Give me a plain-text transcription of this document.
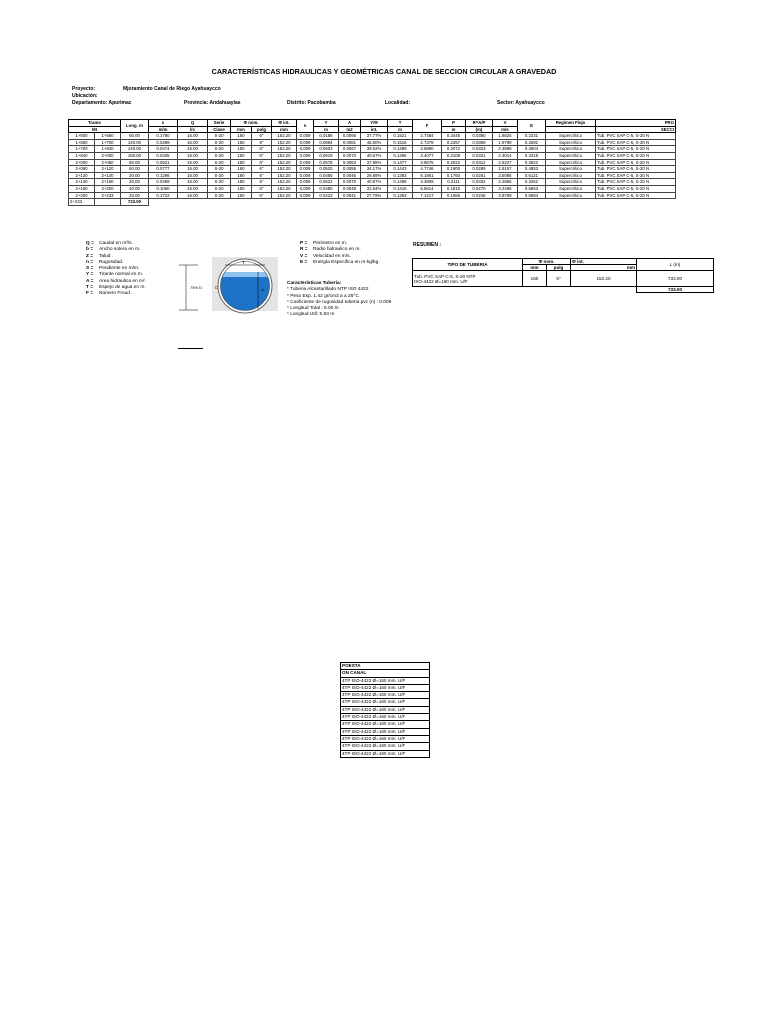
CARACTERÍSTICAS HIDRAULICAS Y GEOMÉTRICAS CANAL DE SECCION CIRCULAR A GRAVEDAD
Proyecto:	Mjoramiento Canal de Riego Ayahuaycco
Ubicación:
Departamento: Apurimac	Provincia: Andahuaylas	Distrito: Pacobamba	Localidad:	Sector: Ayahuaycco
Tramo		Long. m	s	Q	Serie	Φ nom.		Φ int.	n	Y	A	Y/Φ	T	F	P	R=A/P	V	E	Regimen Flujo	PRO
MI			m/m	l/s	Clase	mm	pulg	mm		m	m2	int.	m		m	(m)	m/s			SECCI
1+500	1+560	60.00	0.1780	16.00	S-20	160	6"	152.20	0.009	0.0188	0.0066	37.77%	0.1521	2.7484	0.3445	0.0380	1.8825	0.2231	Supercrítico	Tub. PVC SAP C-5, S-20 N
1+560	1+700	140.00	0.0289	16.00	S-20	160	6"	152.20	0.009	0.0694	0.0081	45.60%	0.1516	2.7378	0.2257	0.0359	1.9798	0.2692	Supercrítico	Tub. PVC SAP C-5, S-20 N
1+700	1+840	140.00	0.0474	16.00	S-20	160	6"	152.20	0.009	0.0603	0.0067	39.62%	0.1489	3.5890	0.2072	0.0323	2.3898	0.3504	Supercrítico	Tub. PVC SAP C-5, S-20 N
1+840	2+000	160.00	0.0405	16.00	S-20	160	6"	152.20	0.009	0.0619	0.0070	40.67%	0.1495	3.4077	0.2108	0.0331	2.3014	0.3319	Supercrítico	Tub. PVC SAP C-5, S-20 N
2+000	2+060	60.00	0.0521	16.00	S-20	160	6"	152.20	0.009	0.0578	0.0063	37.98%	0.1477	3.8675	0.2022	0.0312	2.5227	0.3822	Supercrítico	Tub. PVC SAP C-5, S-20 N
2+060	2+120	60.00	0.0777	16.00	S-20	160	6"	152.20	0.009	0.0520	0.0055	34.17%	0.1443	4.7746	0.1900	0.0289	2.9157	0.4853	Supercrítico	Tub. PVC SAP C-5, S-20 N
2+120	2+140	20.00	0.1296	16.00	S-20	160	6"	152.20	0.009	0.0455	0.0046	29.89%	0.1393	6.1861	0.1760	0.0261	3.5085	0.6121	Supercrítico	Tub. PVC SAP C-5, S-20 N
2+140	2+160	20.00	0.0399	16.00	S-20	160	6"	152.20	0.009	0.0622	0.0070	40.87%	0.1496	3.3809	0.2111	0.0332	2.2866	0.3262	Supercrítico	Tub. PVC SAP C-5, S-20 N
2+160	2+200	40.00	0.1060	16.00	S-20	160	6"	152.20	0.009	0.0480	0.0049	31.54%	0.1415	5.5614	0.1816	0.0270	3.2496	0.5863	Supercrítico	Tub. PVC SAP C-5, S-20 N
2+200	2+233	33.00	0.1722	16.00	S-20	160	6"	152.20	0.009	0.0423	0.0041	27.79%	0.1363	7.1217	0.1666	0.0245	3.8799	0.6684	Supercrítico	Tub. PVC SAP C-5, S-20 N
2+233		733.00																		
Q = Caudal en m³/s.
b = Ancho solera en m.
Z = Talud .
n = Rugosidad.
S = Pendiente en m/m.
Y = Tirante normal en m.
A = Area hidraulica en m².
T = Espejo de agua en m.
F = Número Froud .
T
D
Y
75% D
P = Perimetro en m.
R = Radio hidraulico en m.
V = Velocidad en m/s.
E = Energía Específica en m-kg/kg.
Características Tuberia:
* Tuberia Alcantarillado NTP ISO 4422
* Peso Esp. 1.42 gr/cm3 a a 25°C
* Coeficiente de rugosidad tuberia pvc (n) : 0.009
* Longitud Total : 6.00 m
* Longitud Util: 5.83 m
RESUMEN :
TIPO DE TUBERIA	Φ nom.		Φ int.	L (m)
	mm	pulg	mm	

Tub. PVC SAP C-5, S-20 NTP
ISO-4422 Ø=160 mm. U/F	160	6"	152.20	733.00
				733.00
POESTA
ON CANAL
4TP ISO-4422 Ø=160 mm. U/F
4TP ISO-4422 Ø=160 mm. U/F
4TP ISO-4422 Ø=160 mm. U/F
4TP ISO-4422 Ø=160 mm. U/F
4TP ISO-4422 Ø=160 mm. U/F
4TP ISO-4422 Ø=160 mm. U/F
4TP ISO-4422 Ø=160 mm. U/F
4TP ISO-4422 Ø=160 mm. U/F
4TP ISO-4422 Ø=160 mm. U/F
4TP ISO-4422 Ø=160 mm. U/F
4TP ISO-4422 Ø=160 mm. U/F
